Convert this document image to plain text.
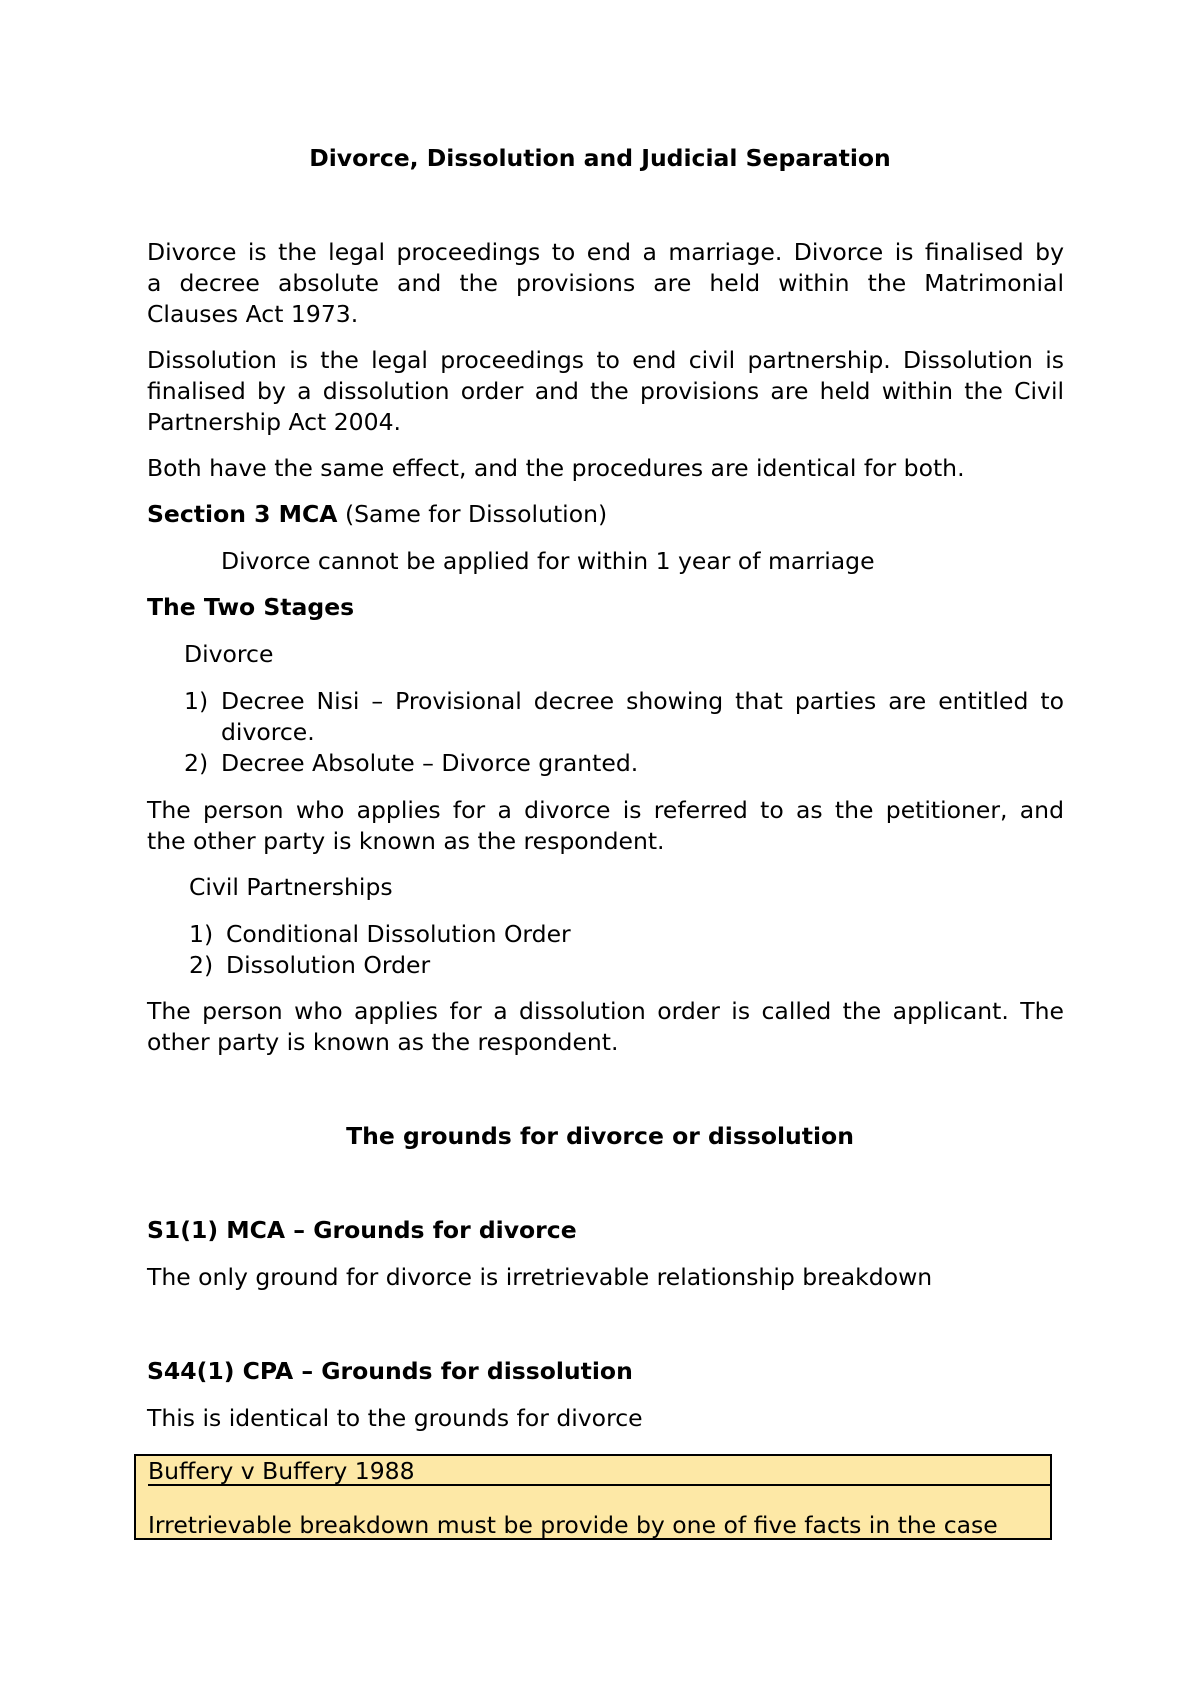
Divorce, Dissolution and Judicial Separation
Divorce is the legal proceedings to end a marriage. Divorce is finalised by
a decree absolute and the provisions are held within the Matrimonial
Clauses Act 1973.
Dissolution is the legal proceedings to end civil partnership. Dissolution is
finalised by a dissolution order and the provisions are held within the Civil
Partnership Act 2004.
Both have the same effect, and the procedures are identical for both.
Section 3 MCA (Same for Dissolution)
Divorce cannot be applied for within 1 year of marriage
The Two Stages
Divorce
1) Decree Nisi – Provisional decree showing that parties are entitled to
divorce.
2) Decree Absolute – Divorce granted.
The person who applies for a divorce is referred to as the petitioner, and
the other party is known as the respondent.
Civil Partnerships
1) Conditional Dissolution Order
2) Dissolution Order
The person who applies for a dissolution order is called the applicant. The
other party is known as the respondent.
The grounds for divorce or dissolution
S1(1) MCA – Grounds for divorce
The only ground for divorce is irretrievable relationship breakdown
S44(1) CPA – Grounds for dissolution
This is identical to the grounds for divorce
Buffery v Buffery 1988
Irretrievable breakdown must be provide by one of five facts in the case
